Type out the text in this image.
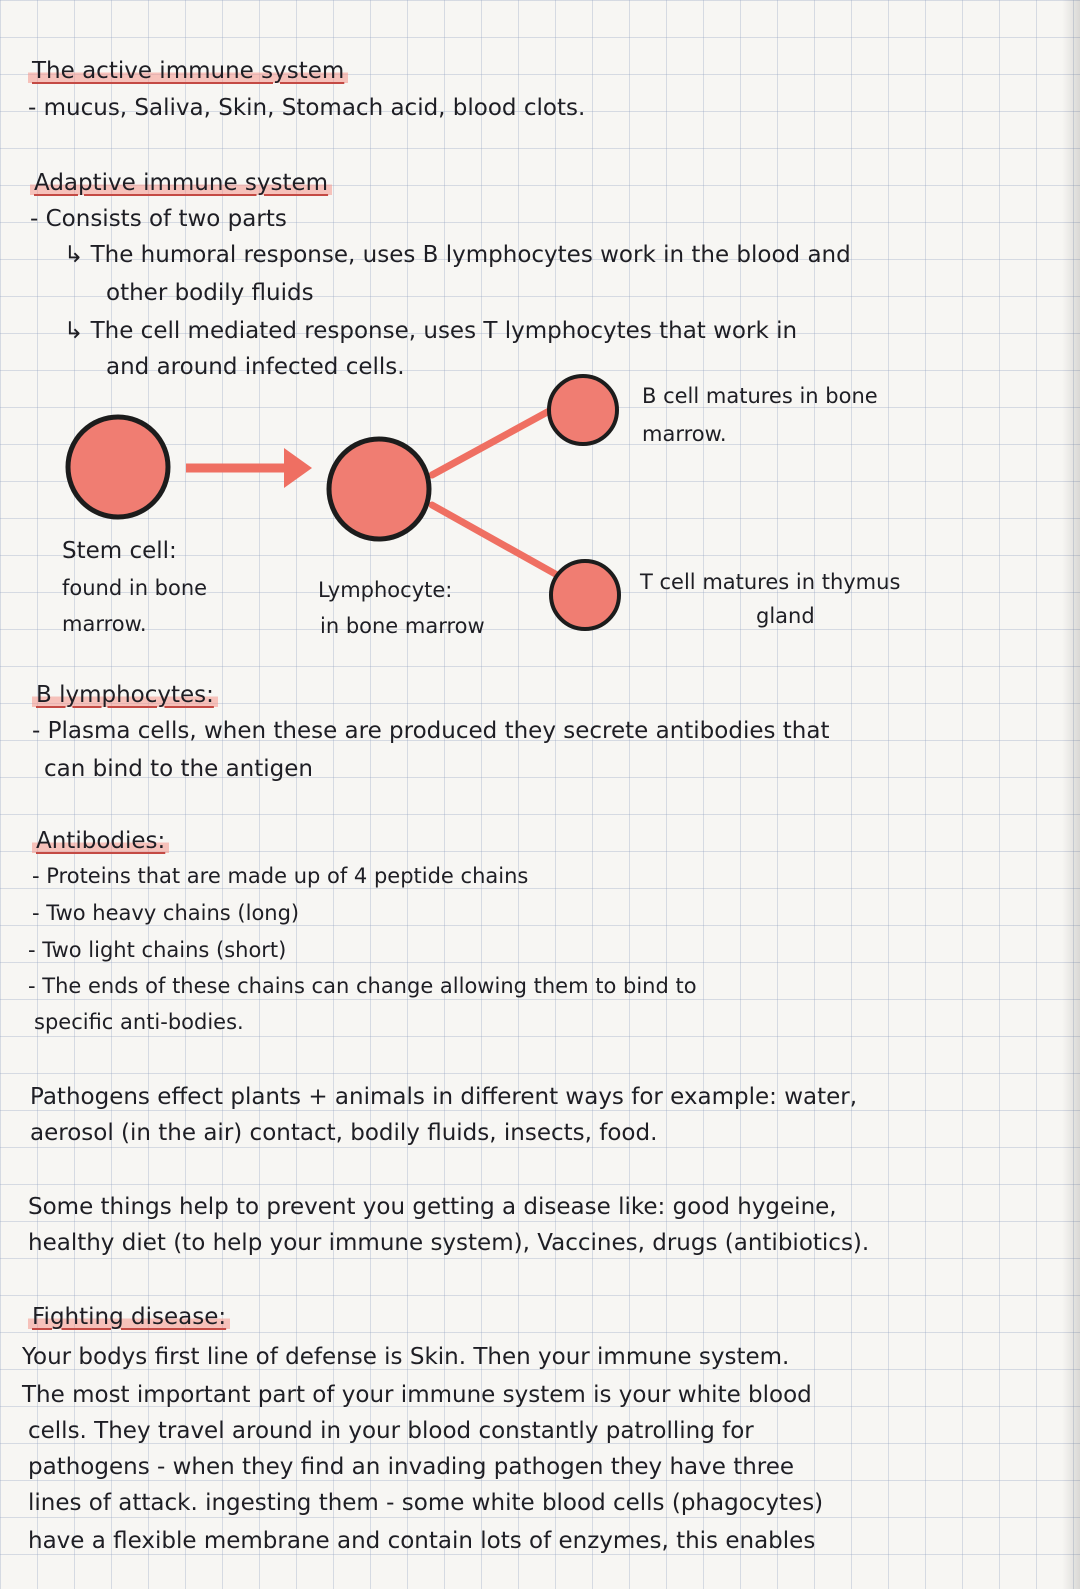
The active immune system
- mucus, Saliva, Skin, Stomach acid, blood clots.
Adaptive immune system
- Consists of two parts
↳ The humoral response, uses B lymphocytes work in the blood and
other bodily fluids
↳ The cell mediated response, uses T lymphocytes that work in
and around infected cells.
B cell matures in bone
marrow.
Stem cell:
found in bone
marrow.
Lymphocyte:
in bone marrow
T cell matures in thymus
gland
B lymphocytes:
- Plasma cells, when these are produced they secrete antibodies that
can bind to the antigen
Antibodies:
- Proteins that are made up of 4 peptide chains
- Two heavy chains (long)
- Two light chains (short)
- The ends of these chains can change allowing them to bind to
specific anti-bodies.
Pathogens effect plants + animals in different ways for example: water,
aerosol (in the air) contact, bodily fluids, insects, food.
Some things help to prevent you getting a disease like: good hygeine,
healthy diet (to help your immune system), Vaccines, drugs (antibiotics).
Fighting disease:
Your bodys first line of defense is Skin. Then your immune system.
The most important part of your immune system is your white blood
cells. They travel around in your blood constantly patrolling for
pathogens - when they find an invading pathogen they have three
lines of attack. ingesting them - some white blood cells (phagocytes)
have a flexible membrane and contain lots of enzymes, this enables
